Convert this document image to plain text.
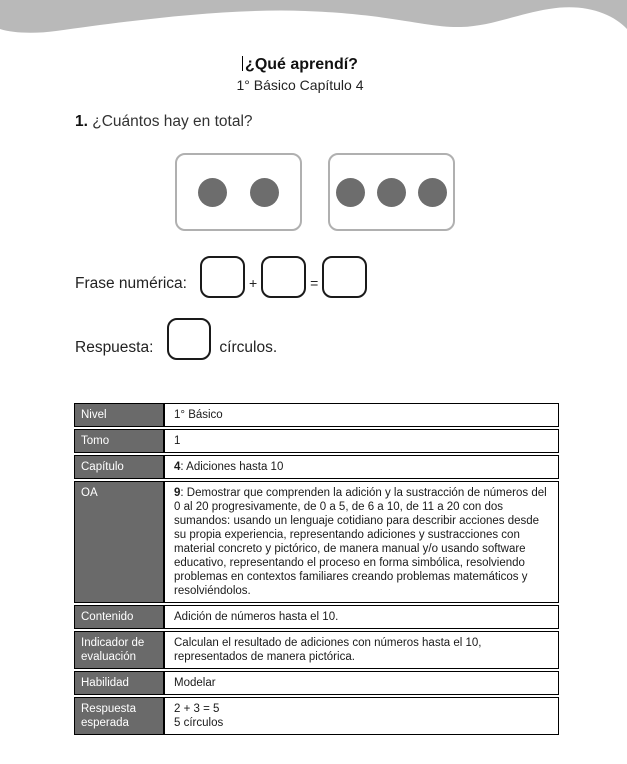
¿Qué aprendí?
1° Básico Capítulo 4
1. ¿Cuántos hay en total?
Frase numérica:	+	=
Respuesta:	círculos.
Nivel	1° Básico
Tomo	1
Capítulo	4: Adiciones hasta 10
OA	9: Demostrar que comprenden la adición y la sustracción de números del 0 al 20 progresivamente, de 0 a 5, de 6 a 10, de 11 a 20 con dos sumandos: usando un lenguaje cotidiano para describir acciones desde su propia experiencia, representando adiciones y sustracciones con material concreto y pictórico, de manera manual y/o usando software educativo, representando el proceso en forma simbólica, resolviendo problemas en contextos familiares creando problemas matemáticos y resolviéndolos.
Contenido	Adición de números hasta el 10.
Indicador de evaluación	Calculan el resultado de adiciones con números hasta el 10,
representados de manera pictórica.

Habilidad	Modelar
Respuesta esperada	2 + 3 = 5
5 círculos
